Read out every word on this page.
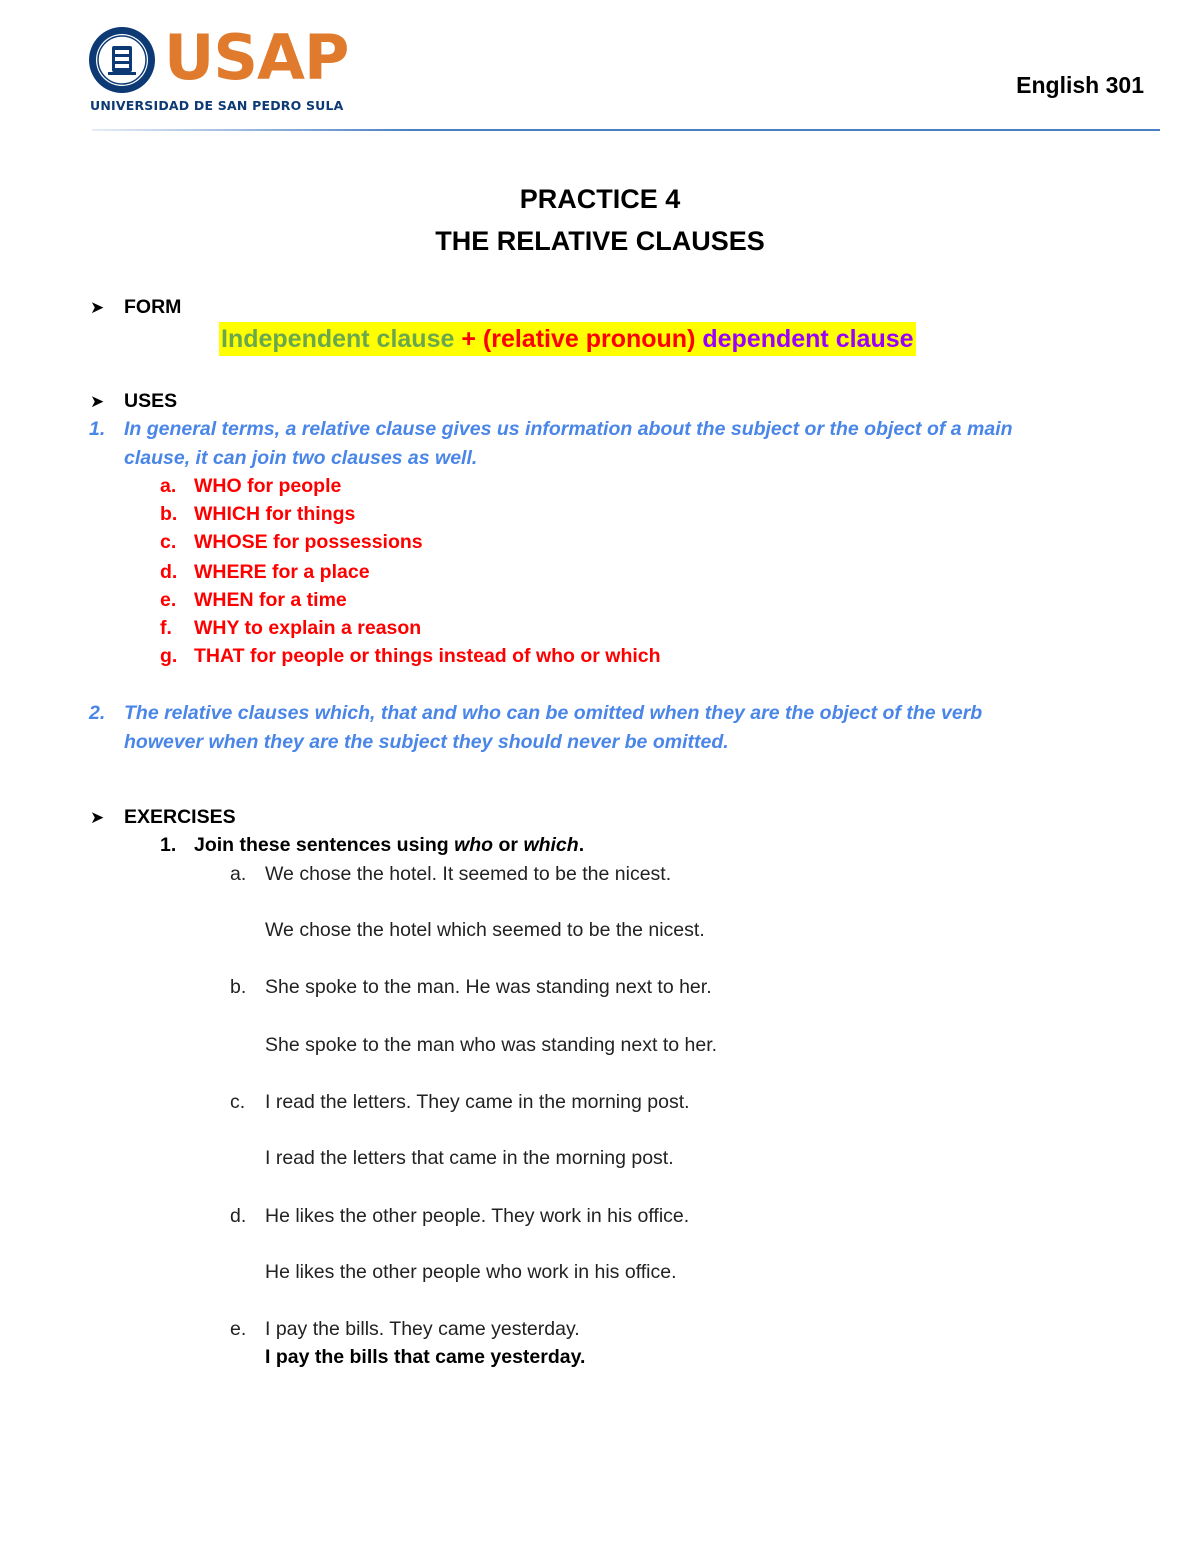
USAP
UNIVERSIDAD DE SAN PEDRO SULA
English 301
PRACTICE 4
THE RELATIVE CLAUSES
➤ FORM
Independent clause + (relative pronoun) dependent clause
➤ USES
1. In general terms, a relative clause gives us information about the subject or the object of a main
clause, it can join two clauses as well.
a. WHO for people
b. WHICH for things
c. WHOSE for possessions
d. WHERE for a place
e. WHEN for a time
f. WHY to explain a reason
g. THAT for people or things instead of who or which
2. The relative clauses which, that and who can be omitted when they are the object of the verb
however when they are the subject they should never be omitted.
➤ EXERCISES
1. Join these sentences using who or which.
a. We chose the hotel. It seemed to be the nicest.
We chose the hotel which seemed to be the nicest.
b. She spoke to the man. He was standing next to her.
She spoke to the man who was standing next to her.
c. I read the letters. They came in the morning post.
I read the letters that came in the morning post.
d. He likes the other people. They work in his office.
He likes the other people who work in his office.
e. I pay the bills. They came yesterday.
I pay the bills that came yesterday.
